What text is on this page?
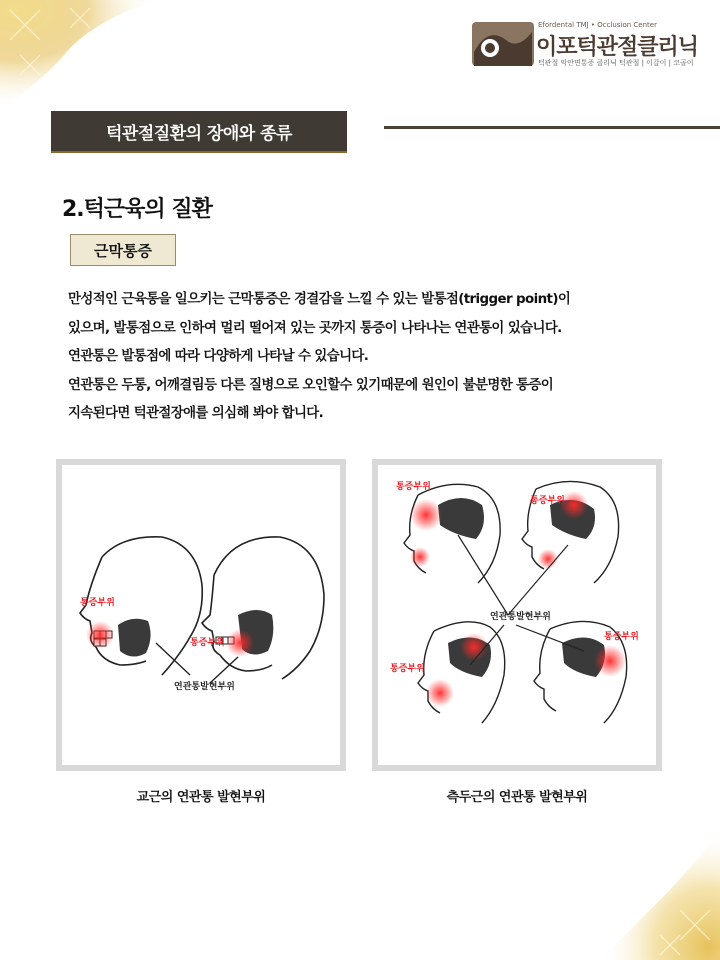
Efordental TMJ • Occlusion Center
이포턱관절클리닉
턱관절 악안면통증 클리닉 턱관절 | 이갈이 | 코골이
턱관절질환의 장애와 종류
2.턱근육의 질환
근막통증
만성적인 근육통을 일으키는 근막통증은 경결감을 느낄 수 있는 발통점(trigger point)이
있으며, 발통점으로 인하여 멀리 떨어져 있는 곳까지 통증이 나타나는 연관통이 있습니다.
연관통은 발통점에 따라 다양하게 나타날 수 있습니다.
연관통은 두통, 어깨결림등 다른 질병으로 오인할수 있기때문에 원인이 불분명한 통증이
지속된다면 턱관절장애를 의심해 봐야 합니다.
통증부위
통증부위
연관통발현부위
통증부위
통증부위
통증부위
통증부위
연관통발현부위
교근의 연관통 발현부위	측두근의 연관통 발현부위
